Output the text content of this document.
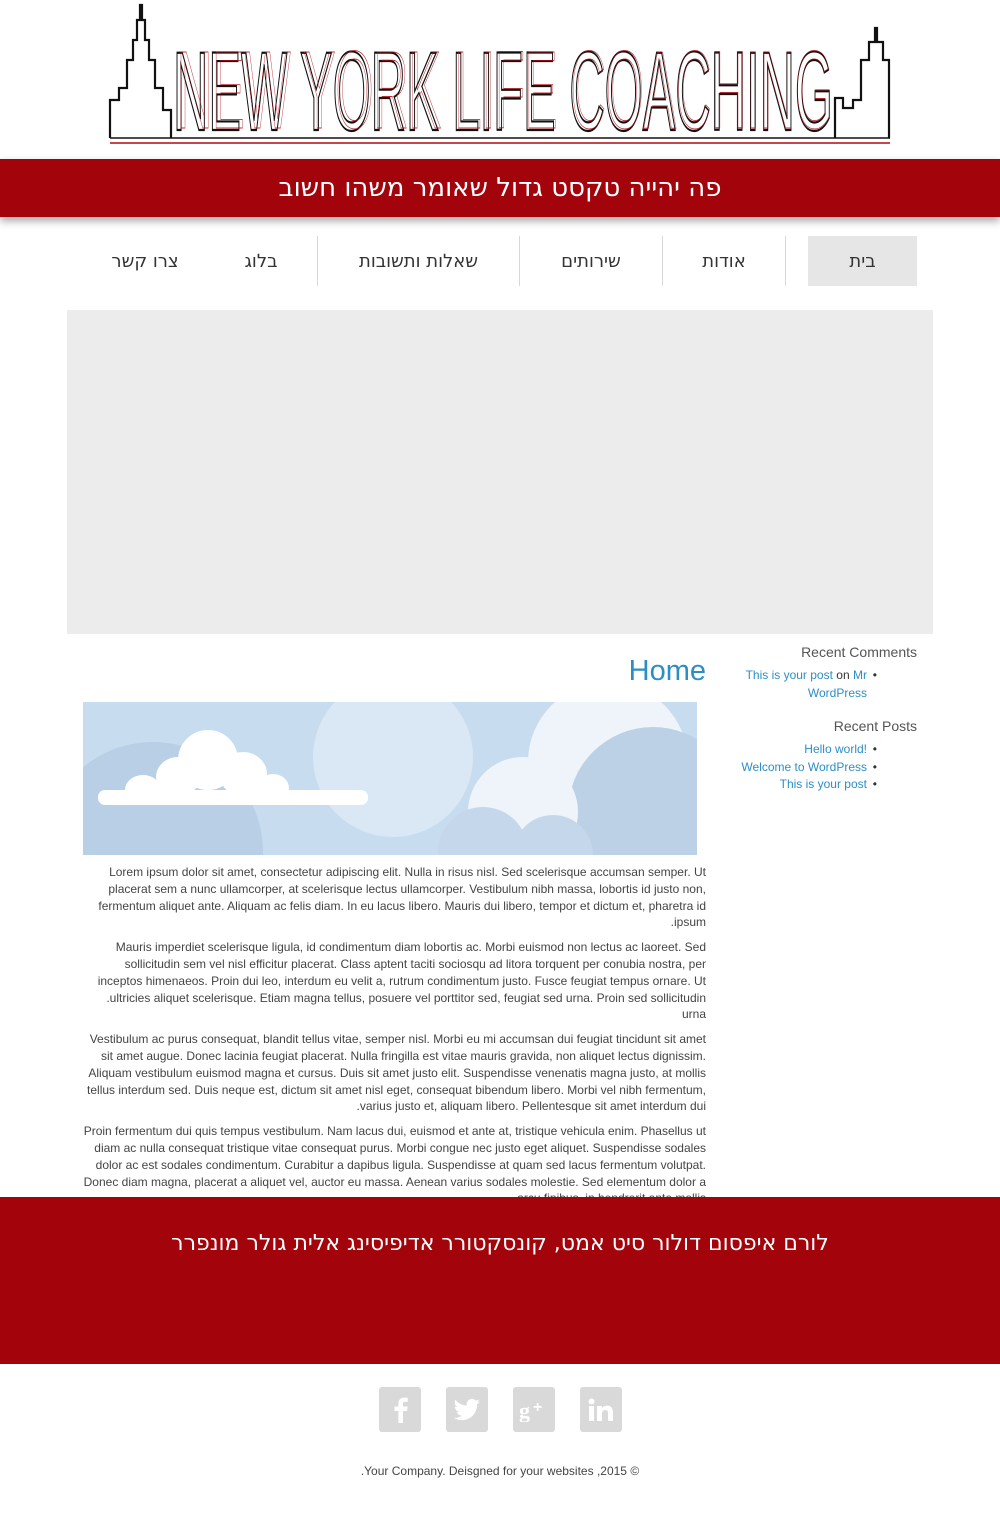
NEW YORK LIFE COACHING
NEW YORK LIFE COACHING
פה יהייה טקסט גדול שאומר משהו חשוב
בית
אודות
שירותים
שאלות ותשובות
בלוג
צרו קשר
Recent Comments
• This is your post on Mr WordPress
Recent Posts
• !Hello world
• Welcome to WordPress
• This is your post
Home

Lorem ipsum dolor sit amet, consectetur adipiscing elit. Nulla in risus nisl. Sed scelerisque accumsan semper. Ut placerat sem a nunc ullamcorper, at scelerisque lectus ullamcorper. Vestibulum nibh massa, lobortis id justo non, fermentum aliquet ante. Aliquam ac felis diam. In eu lacus libero. Mauris dui libero, tempor et dictum et, pharetra id .ipsum

Mauris imperdiet scelerisque ligula, id condimentum diam lobortis ac. Morbi euismod non lectus ac laoreet. Sed sollicitudin sem vel nisl efficitur placerat. Class aptent taciti sociosqu ad litora torquent per conubia nostra, per inceptos himenaeos. Proin dui leo, interdum eu velit a, rutrum condimentum justo. Fusce feugiat tempus ornare. Ut .ultricies aliquet scelerisque. Etiam magna tellus, posuere vel porttitor sed, feugiat sed urna. Proin sed sollicitudin urna

Vestibulum ac purus consequat, blandit tellus vitae, semper nisl. Morbi eu mi accumsan dui feugiat tincidunt sit amet sit amet augue. Donec lacinia feugiat placerat. Nulla fringilla est vitae mauris gravida, non aliquet lectus dignissim. Aliquam vestibulum euismod magna et cursus. Duis sit amet justo elit. Suspendisse venenatis magna justo, at mollis tellus interdum sed. Duis neque est, dictum sit amet nisl eget, consequat bibendum libero. Morbi vel nibh fermentum, .varius justo et, aliquam libero. Pellentesque sit amet interdum dui

Proin fermentum dui quis tempus vestibulum. Nam lacus dui, euismod et ante at, tristique vehicula enim. Phasellus ut diam ac nulla consequat tristique vitae consequat purus. Morbi congue nec justo eget aliquet. Suspendisse sodales dolor ac est sodales condimentum. Curabitur a dapibus ligula. Suspendisse at quam sed lacus fermentum volutpat. Donec diam magna, placerat a aliquet vel, auctor eu massa. Aenean varius sodales molestie. Sed elementum dolor a

לורם איפסום דולור סיט אמט, קונסקטורר אדיפיסינג אלית גולר מונפרר
g +
© 2015, Your Company. Deisgned for your websites.
